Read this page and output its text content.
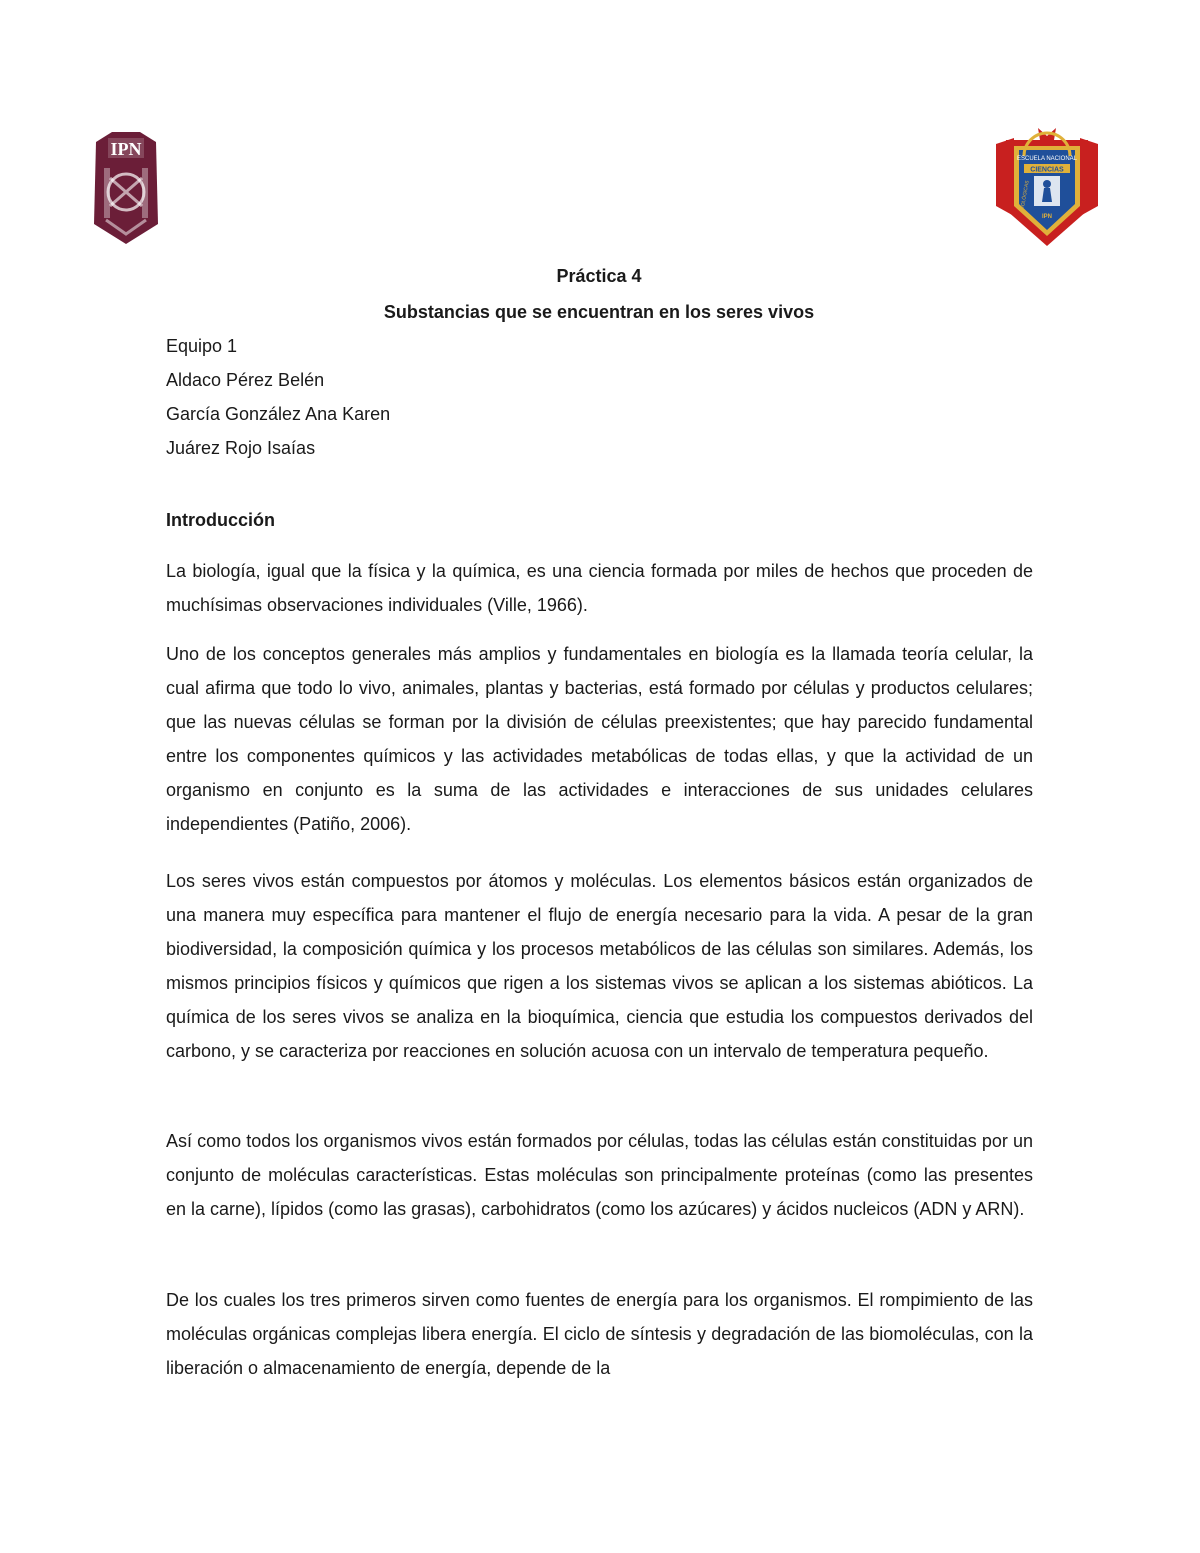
IPN	ESCUELA NACIONAL
CIENCIAS
BIOLÓGICAS
IPN
Práctica 4
Substancias que se encuentran en los seres vivos
Equipo 1
Aldaco Pérez Belén
García González Ana Karen
Juárez Rojo Isaías
Introducción

La biología, igual que la física y la química, es una ciencia formada por miles de hechos que proceden de muchísimas observaciones individuales (Ville, 1966).

Uno de los conceptos generales más amplios y fundamentales en biología es la llamada teoría celular, la cual afirma que todo lo vivo, animales, plantas y bacterias, está formado por células y productos celulares; que las nuevas células se forman por la división de células preexistentes; que hay parecido fundamental entre los componentes químicos y las actividades metabólicas de todas ellas, y que la actividad de un organismo en conjunto es la suma de las actividades e interacciones de sus unidades celulares independientes (Patiño, 2006).

Los seres vivos están compuestos por átomos y moléculas. Los elementos básicos están organizados de una manera muy específica para mantener el flujo de energía necesario para la vida. A pesar de la gran biodiversidad, la composición química y los procesos metabólicos de las células son similares. Además, los mismos principios físicos y químicos que rigen a los sistemas vivos se aplican a los sistemas abióticos. La química de los seres vivos se analiza en la bioquímica, ciencia que estudia los compuestos derivados del carbono, y se caracteriza por reacciones en solución acuosa con un intervalo de temperatura pequeño.

Así como todos los organismos vivos están formados por células, todas las células están constituidas por un conjunto de moléculas características. Estas moléculas son principalmente proteínas (como las presentes en la carne), lípidos (como las grasas), carbohidratos (como los azúcares) y ácidos nucleicos (ADN y ARN).

De los cuales los tres primeros sirven como fuentes de energía para los organismos. El rompimiento de las moléculas orgánicas complejas libera energía. El ciclo de síntesis y degradación de las biomoléculas, con la liberación o almacenamiento de energía, depende de la
